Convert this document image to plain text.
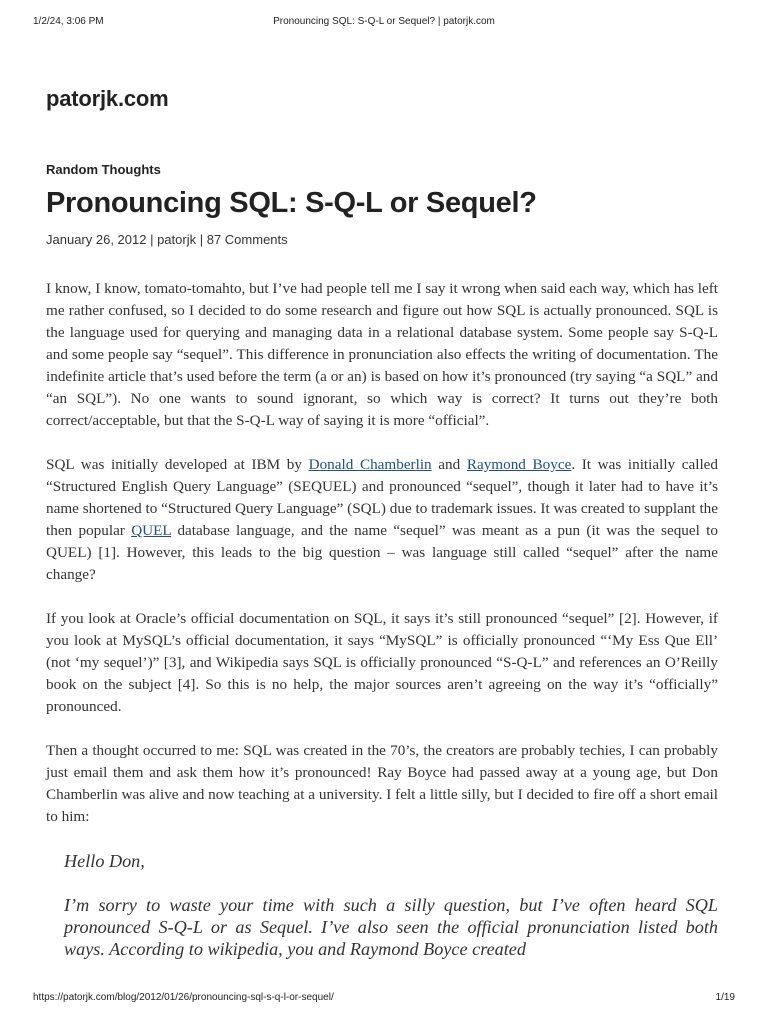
1/2/24, 3:06 PM	Pronouncing SQL: S-Q-L or Sequel? | patorjk.com
patorjk.com
Random Thoughts
Pronouncing SQL: S-Q-L or Sequel?
January 26, 2012 | patorjk | 87 Comments

I know, I know, tomato-tomahto, but I’ve had people tell me I say it wrong when said each way, which has left me rather confused, so I decided to do some research and figure out how SQL is actually pronounced. SQL is the language used for querying and managing data in a relational database system. Some people say S-Q-L and some people say “sequel”. This difference in pronunciation also effects the writing of documentation. The indefinite article that’s used before the term (a or an) is based on how it’s pronounced (try saying “a SQL” and “an SQL”). No one wants to sound ignorant, so which way is correct? It turns out they’re both correct/acceptable, but that the S-Q-L way of saying it is more “official”.

SQL was initially developed at IBM by Donald Chamberlin and Raymond Boyce. It was initially called “Structured English Query Language” (SEQUEL) and pronounced “sequel”, though it later had to have it’s name shortened to “Structured Query Language” (SQL) due to trademark issues. It was created to supplant the then popular QUEL database language, and the name “sequel” was meant as a pun (it was the sequel to QUEL) [1]. However, this leads to the big question – was language still called “sequel” after the name change?

If you look at Oracle’s official documentation on SQL, it says it’s still pronounced “sequel” [2]. However, if you look at MySQL’s official documentation, it says “MySQL” is officially pronounced “‘My Ess Que Ell’ (not ‘my sequel’)” [3], and Wikipedia says SQL is officially pronounced “S-Q-L” and references an O’Reilly book on the subject [4]. So this is no help, the major sources aren’t agreeing on the way it’s “officially” pronounced.

Then a thought occurred to me: SQL was created in the 70’s, the creators are probably techies, I can probably just email them and ask them how it’s pronounced! Ray Boyce had passed away at a young age, but Don Chamberlin was alive and now teaching at a university. I felt a little silly, but I decided to fire off a short email to him:

Hello Don,

I’m sorry to waste your time with such a silly question, but I’ve often heard SQL pronounced S-Q-L or as Sequel. I’ve also seen the official pronunciation listed both ways. According to wikipedia, you and Raymond Boyce created

https://patorjk.com/blog/2012/01/26/pronouncing-sql-s-q-l-or-sequel/	1/19
